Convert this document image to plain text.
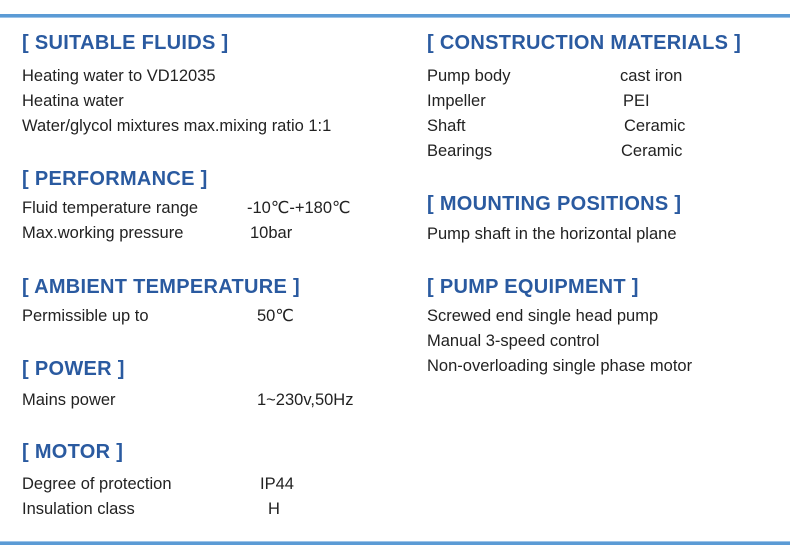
[ SUITABLE FLUIDS ]
Heating water to VD12035
Heatina water
Water/glycol mixtures max.mixing ratio 1:1
[ PERFORMANCE ]
Fluid temperature range	-10℃-+180℃
Max.working pressure	10bar
[ AMBIENT TEMPERATURE ]
Permissible up to	50℃
[ POWER ]
Mains power	1~230v,50Hz
[ MOTOR ]
Degree of protection	IP44
Insulation class	H
[ CONSTRUCTION MATERIALS ]
Pump body	cast iron
Impeller	PEI
Shaft	Ceramic
Bearings	Ceramic
[ MOUNTING POSITIONS ]
Pump shaft in the horizontal plane
[ PUMP EQUIPMENT ]
Screwed end single head pump
Manual 3-speed control
Non-overloading single phase motor
